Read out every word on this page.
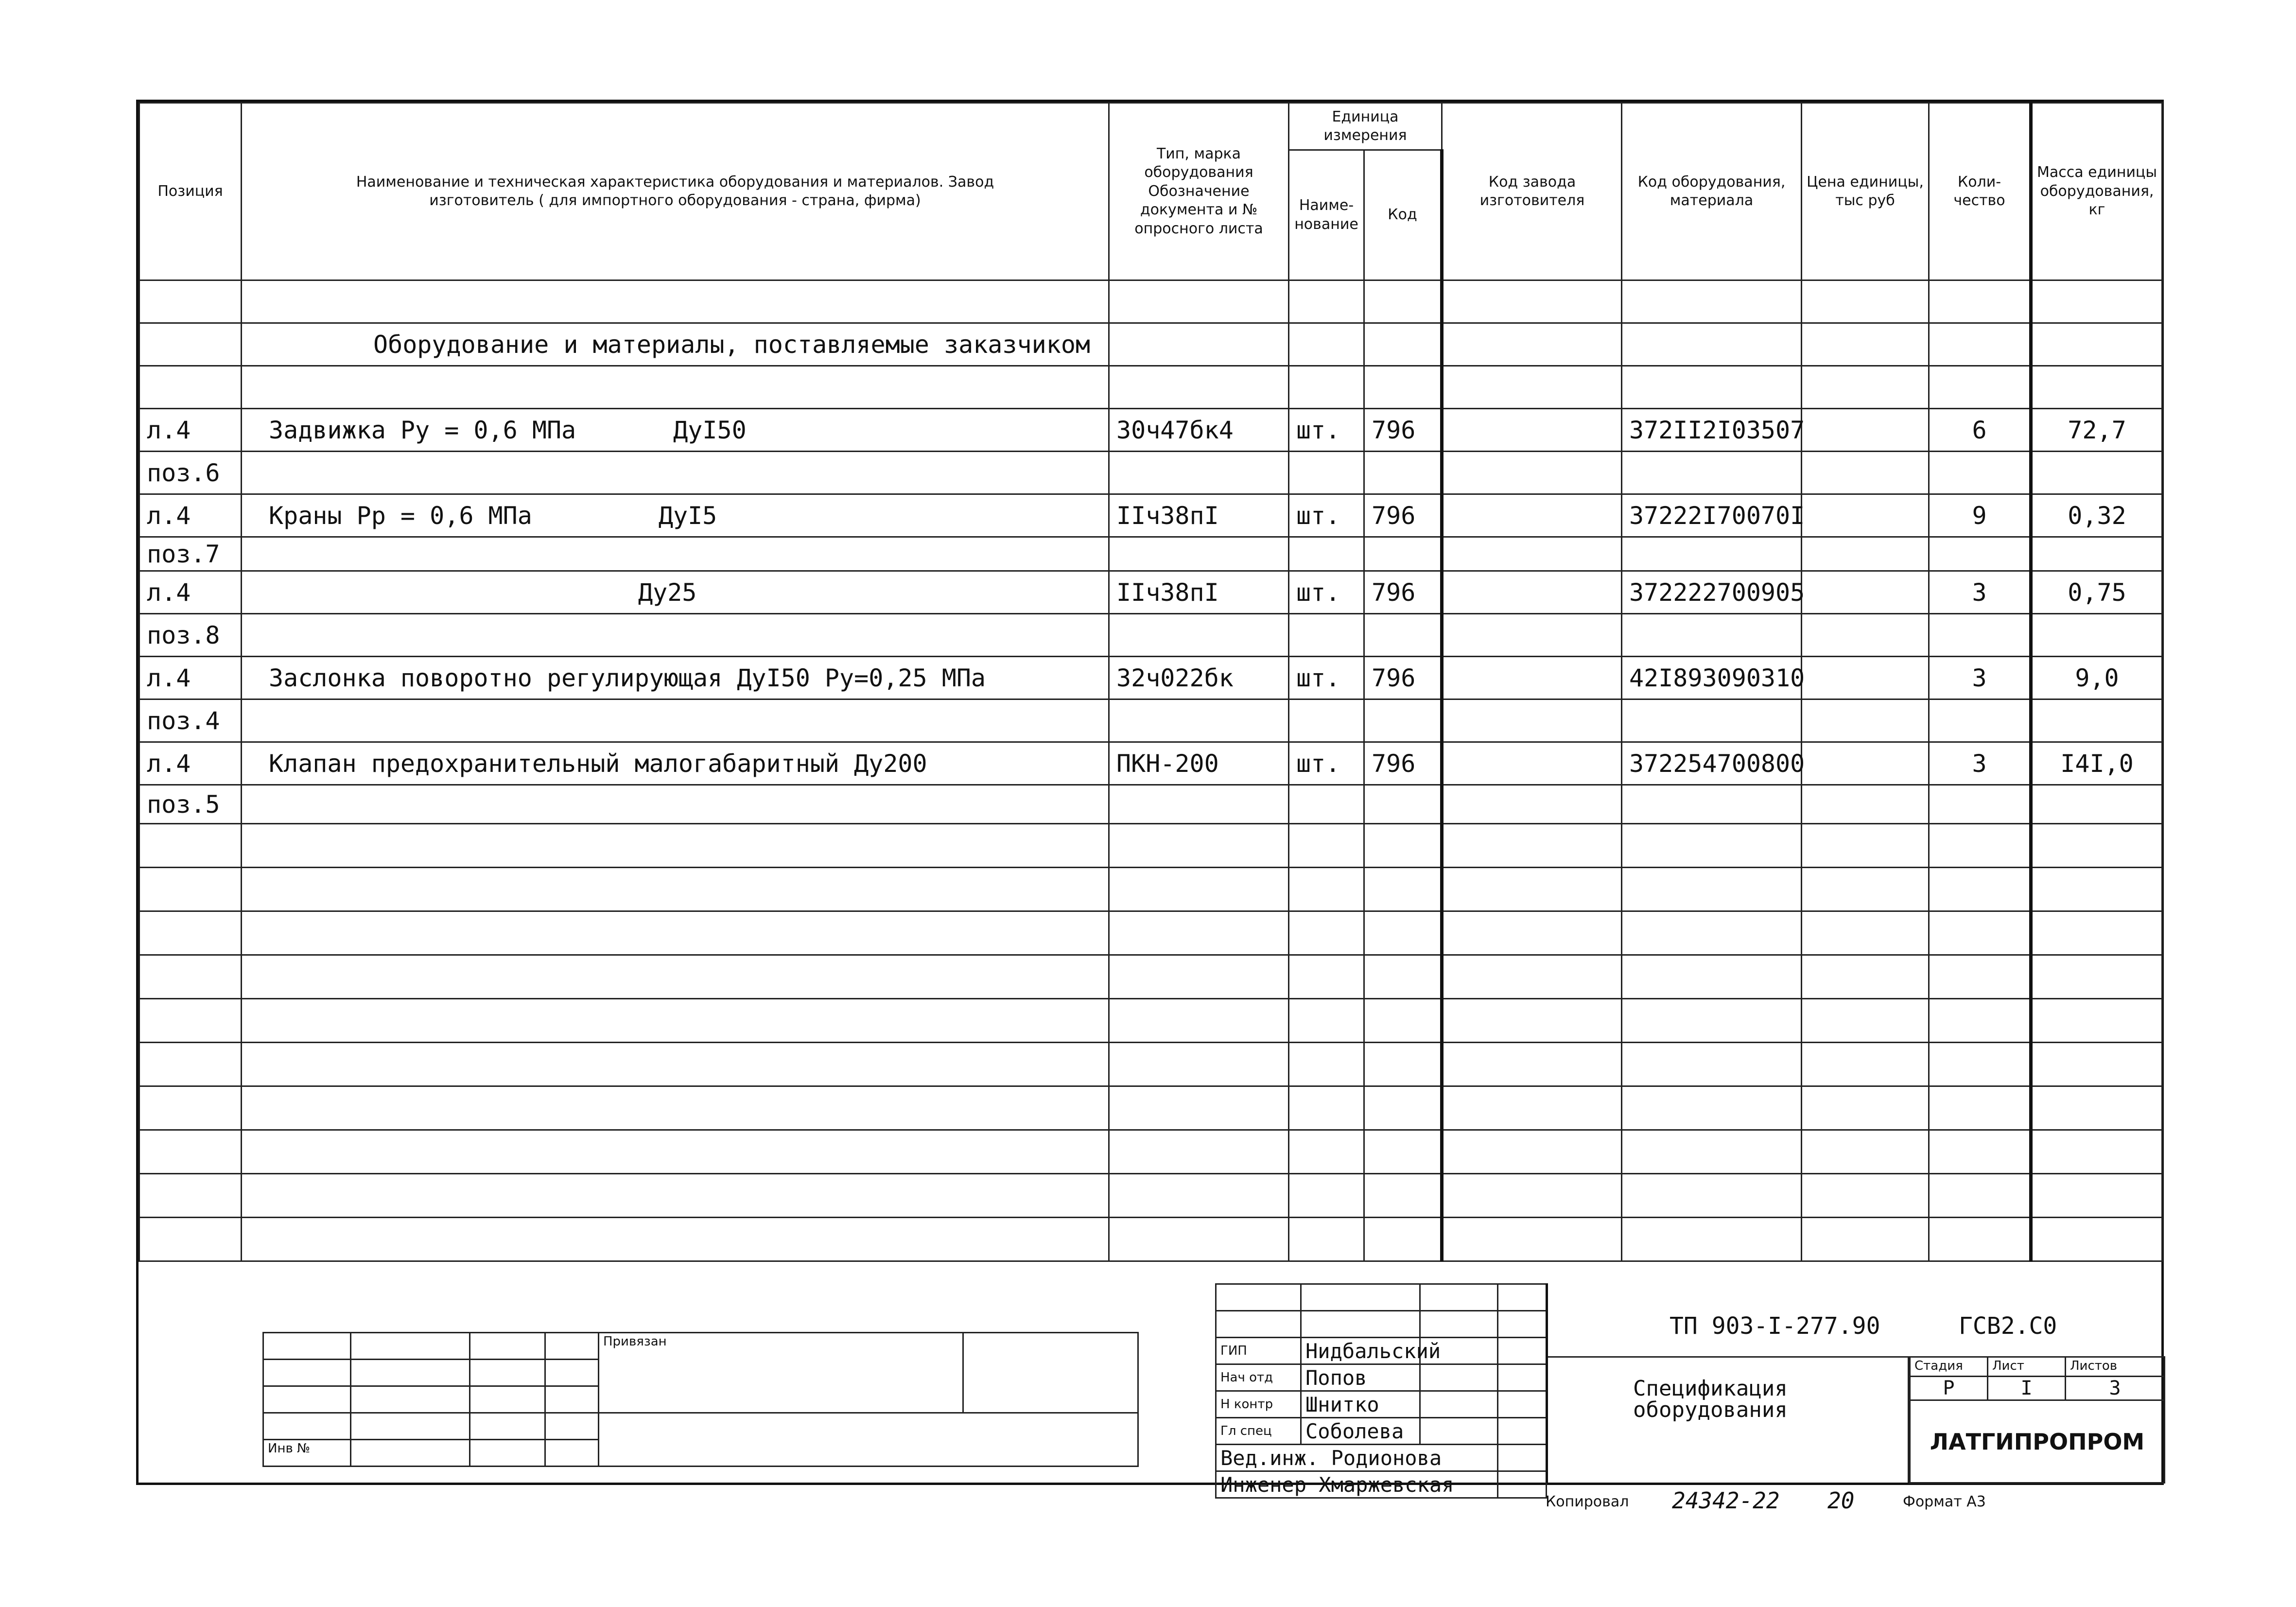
Позиция	Наименование и техническая характеристика оборудования и материалов. Завод изготовитель ( для импортного оборудования - страна, фирма)	Тип, марка оборудования Обозначение документа и № опросного листа	Единица измерения		Код завода изготовителя	Код оборудования, материала	Цена единицы, тыс руб	Коли- чество	Масса единицы оборудования, кг
			Наиме- нование	Код					

	Оборудование и материалы, поставляемые заказчиком								

л.4	Задвижка Ру = 0,6 МПа ДуI50	30ч47бк4	шт.	796		372II2I03507		6	72,7
поз.6									
л.4	Краны Рр = 0,6 МПа ДуI5	IIч38пI	шт.	796		37222I70070I		9	0,32
поз.7									
л.4	Ду25	IIч38пI	шт.	796		372222700905		3	0,75
поз.8									
л.4	Заслонка поворотно регулирующая ДуI50 Ру=0,25 МПа	32ч022бк	шт.	796		42I893090310		3	9,0
поз.4									
л.4	Клапан предохранительный малогабаритный Ду200	ПКН-200	шт.	796		372254700800		3	I4I,0
поз.5									

				Привязан	

Инв №					

ГИП	Нидбальский		
Нач отд	Попов		
Н контр	Шнитко		
Гл спец	Соболева		
Вед.инж. Родионова			
Инженер Хмаржевская			
ТП 903-I-277.90	ГСВ2.С0
Спецификация оборудования
Стадия	Лист	Листов
Р	I	3
ЛАТГИПРОПРОМ		
Копировал 24342-22 20	Формат А3
